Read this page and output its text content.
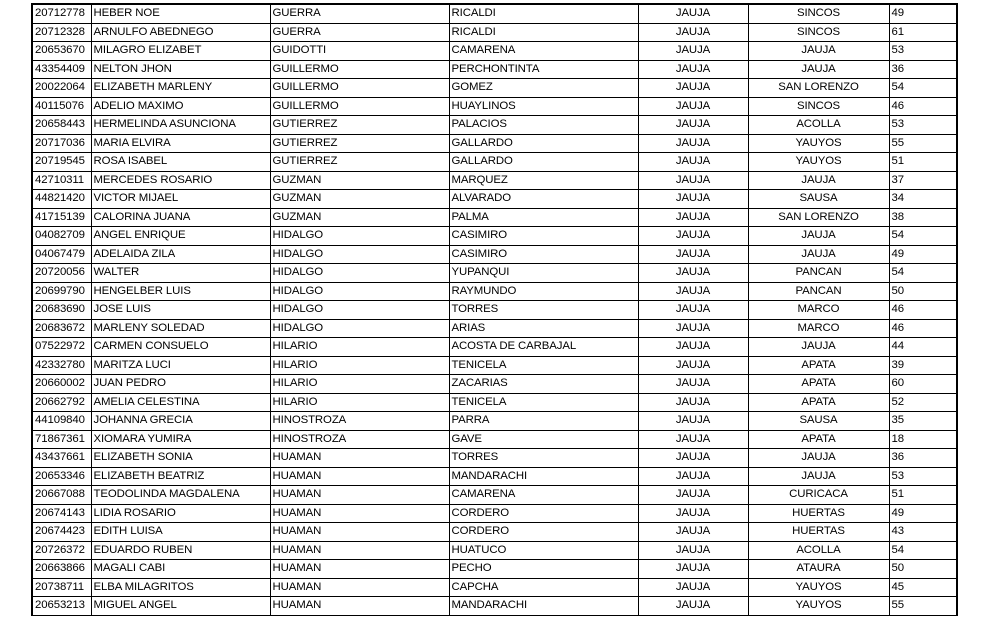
20712778	HEBER NOE	GUERRA	RICALDI	JAUJA	SINCOS	49
20712328	ARNULFO ABEDNEGO	GUERRA	RICALDI	JAUJA	SINCOS	61
20653670	MILAGRO ELIZABET	GUIDOTTI	CAMARENA	JAUJA	JAUJA	53
43354409	NELTON JHON	GUILLERMO	PERCHONTINTA	JAUJA	JAUJA	36
20022064	ELIZABETH MARLENY	GUILLERMO	GOMEZ	JAUJA	SAN LORENZO	54
40115076	ADELIO MAXIMO	GUILLERMO	HUAYLINOS	JAUJA	SINCOS	46
20658443	HERMELINDA ASUNCIONA	GUTIERREZ	PALACIOS	JAUJA	ACOLLA	53
20717036	MARIA ELVIRA	GUTIERREZ	GALLARDO	JAUJA	YAUYOS	55
20719545	ROSA ISABEL	GUTIERREZ	GALLARDO	JAUJA	YAUYOS	51
42710311	MERCEDES ROSARIO	GUZMAN	MARQUEZ	JAUJA	JAUJA	37
44821420	VICTOR MIJAEL	GUZMAN	ALVARADO	JAUJA	SAUSA	34
41715139	CALORINA JUANA	GUZMAN	PALMA	JAUJA	SAN LORENZO	38
04082709	ANGEL ENRIQUE	HIDALGO	CASIMIRO	JAUJA	JAUJA	54
04067479	ADELAIDA ZILA	HIDALGO	CASIMIRO	JAUJA	JAUJA	49
20720056	WALTER	HIDALGO	YUPANQUI	JAUJA	PANCAN	54
20699790	HENGELBER LUIS	HIDALGO	RAYMUNDO	JAUJA	PANCAN	50
20683690	JOSE LUIS	HIDALGO	TORRES	JAUJA	MARCO	46
20683672	MARLENY SOLEDAD	HIDALGO	ARIAS	JAUJA	MARCO	46
07522972	CARMEN CONSUELO	HILARIO	ACOSTA DE CARBAJAL	JAUJA	JAUJA	44
42332780	MARITZA LUCI	HILARIO	TENICELA	JAUJA	APATA	39
20660002	JUAN PEDRO	HILARIO	ZACARIAS	JAUJA	APATA	60
20662792	AMELIA CELESTINA	HILARIO	TENICELA	JAUJA	APATA	52
44109840	JOHANNA GRECIA	HINOSTROZA	PARRA	JAUJA	SAUSA	35
71867361	XIOMARA YUMIRA	HINOSTROZA	GAVE	JAUJA	APATA	18
43437661	ELIZABETH SONIA	HUAMAN	TORRES	JAUJA	JAUJA	36
20653346	ELIZABETH BEATRIZ	HUAMAN	MANDARACHI	JAUJA	JAUJA	53
20667088	TEODOLINDA MAGDALENA	HUAMAN	CAMARENA	JAUJA	CURICACA	51
20674143	LIDIA ROSARIO	HUAMAN	CORDERO	JAUJA	HUERTAS	49
20674423	EDITH LUISA	HUAMAN	CORDERO	JAUJA	HUERTAS	43
20726372	EDUARDO RUBEN	HUAMAN	HUATUCO	JAUJA	ACOLLA	54
20663866	MAGALI CABI	HUAMAN	PECHO	JAUJA	ATAURA	50
20738711	ELBA MILAGRITOS	HUAMAN	CAPCHA	JAUJA	YAUYOS	45
20653213	MIGUEL ANGEL	HUAMAN	MANDARACHI	JAUJA	YAUYOS	55
